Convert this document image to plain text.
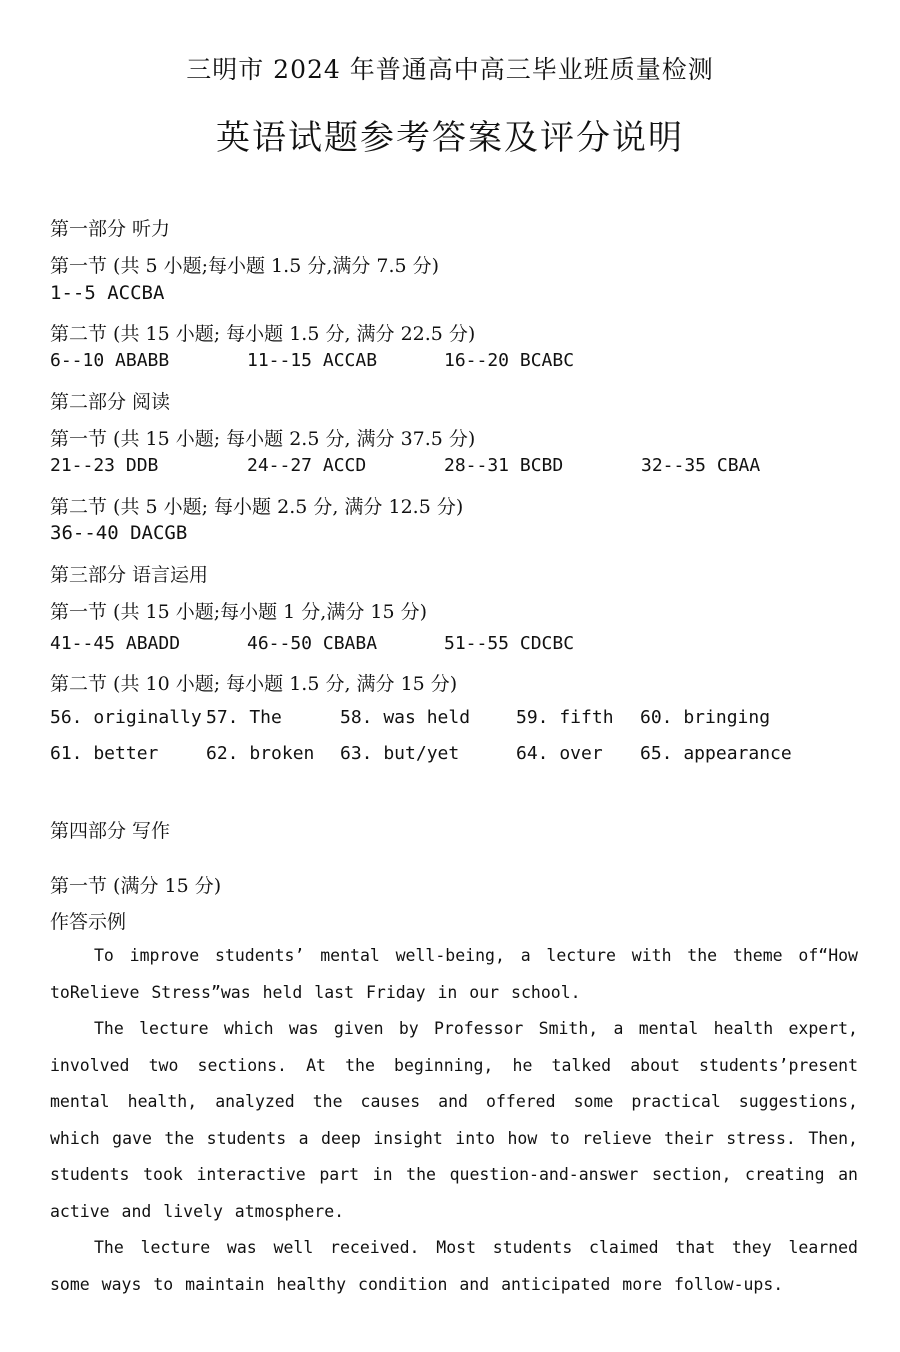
三明市 2024 年普通高中高三毕业班质量检测
英语试题参考答案及评分说明
第一部分 听力
第一节 (共 5 小题;每小题 1.5 分,满分 7.5 分)
1--5 ACCBA
第二节 (共 15 小题; 每小题 1.5 分, 满分 22.5 分)
6--10 ABABB	11--15 ACCAB	16--20 BCABC
第二部分 阅读
第一节 (共 15 小题; 每小题 2.5 分, 满分 37.5 分)
21--23 DDB	24--27 ACCD	28--31 BCBD	32--35 CBAA
第二节 (共 5 小题; 每小题 2.5 分, 满分 12.5 分)
36--40 DACGB
第三部分 语言运用
第一节 (共 15 小题;每小题 1 分,满分 15 分)
41--45 ABADD	46--50 CBABA	51--55 CDCBC
第二节 (共 10 小题; 每小题 1.5 分, 满分 15 分)
56. originally 57. The	58. was held	59. fifth 60. bringing
61. better	62. broken 63. but/yet	64. over 65. appearance
第四部分 写作
第一节 (满分 15 分)
作答示例
To improve students’ mental well-being, a lecture with the theme of“How toRelieve Stress”was held last Friday in our school.
The lecture which was given by Professor Smith, a mental health expert, involved two sections. At the beginning, he talked about students’present mental health, analyzed the causes and offered some practical suggestions, which gave the students a deep insight into how to relieve their stress. Then, students took interactive part in the question-and-answer section, creating an active and lively atmosphere.
The lecture was well received. Most students claimed that they learned some ways to maintain healthy condition and anticipated more follow-ups.
